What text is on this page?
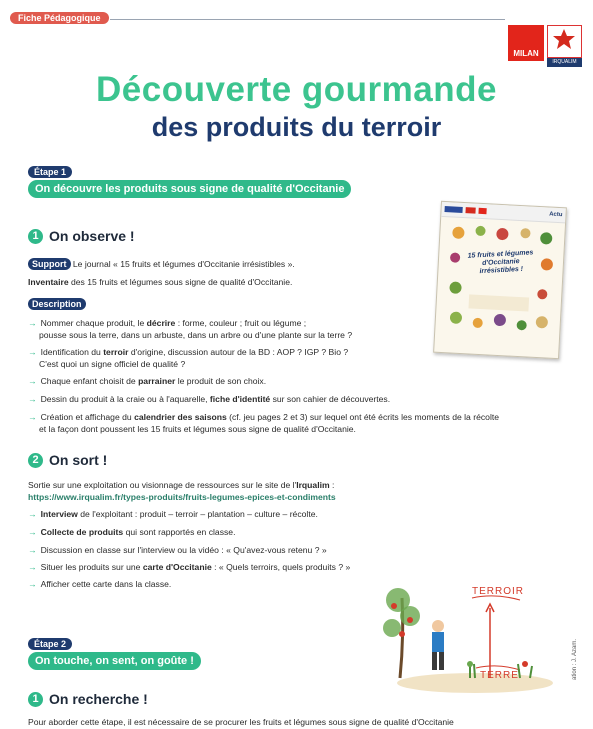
Fiche Pédagogique
MILAN
IRQUALIM
Découverte gourmande
des produits du terroir
Étape 1
On découvre les produits sous signe de qualité d'Occitanie
1 On observe !
Support Le journal « 15 fruits et légumes d'Occitanie irrésistibles ».
Inventaire des 15 fruits et légumes sous signe de qualité d'Occitanie.
Description
→ Nommer chaque produit, le décrire : forme, couleur ; fruit ou légume ;
pousse sous la terre, dans un arbuste, dans un arbre ou d'une plante sur la terre ?
→ Identification du terroir d'origine, discussion autour de la BD : AOP ? IGP ? Bio ?
C'est quoi un signe officiel de qualité ?
→ Chaque enfant choisit de parrainer le produit de son choix.
→ Dessin du produit à la craie ou à l'aquarelle, fiche d'identité sur son cahier de découvertes.
→ Création et affichage du calendrier des saisons (cf. jeu pages 2 et 3) sur lequel ont été écrits les moments de la récolte
et la façon dont poussent les 15 fruits et légumes sous signe de qualité d'Occitanie.
Actu
15 fruits et légumes d'Occitanie irrésistibles !
2 On sort !
Sortie sur une exploitation ou visionnage de ressources sur le site de l'Irqualim :
https://www.irqualim.fr/types-produits/fruits-legumes-epices-et-condiments
→ Interview de l'exploitant : produit – terroir – plantation – culture – récolte.
→ Collecte de produits qui sont rapportés en classe.
→ Discussion en classe sur l'interview ou la vidéo : « Qu'avez-vous retenu ? »
→ Situer les produits sur une carte d'Occitanie : « Quels terroirs, quels produits ? »
→ Afficher cette carte dans la classe.
TERROIR
TERRE	ation : J. Azam.
Étape 2
On touche, on sent, on goûte !
1 On recherche !
Pour aborder cette étape, il est nécessaire de se procurer les fruits et légumes sous signe de qualité d'Occitanie
